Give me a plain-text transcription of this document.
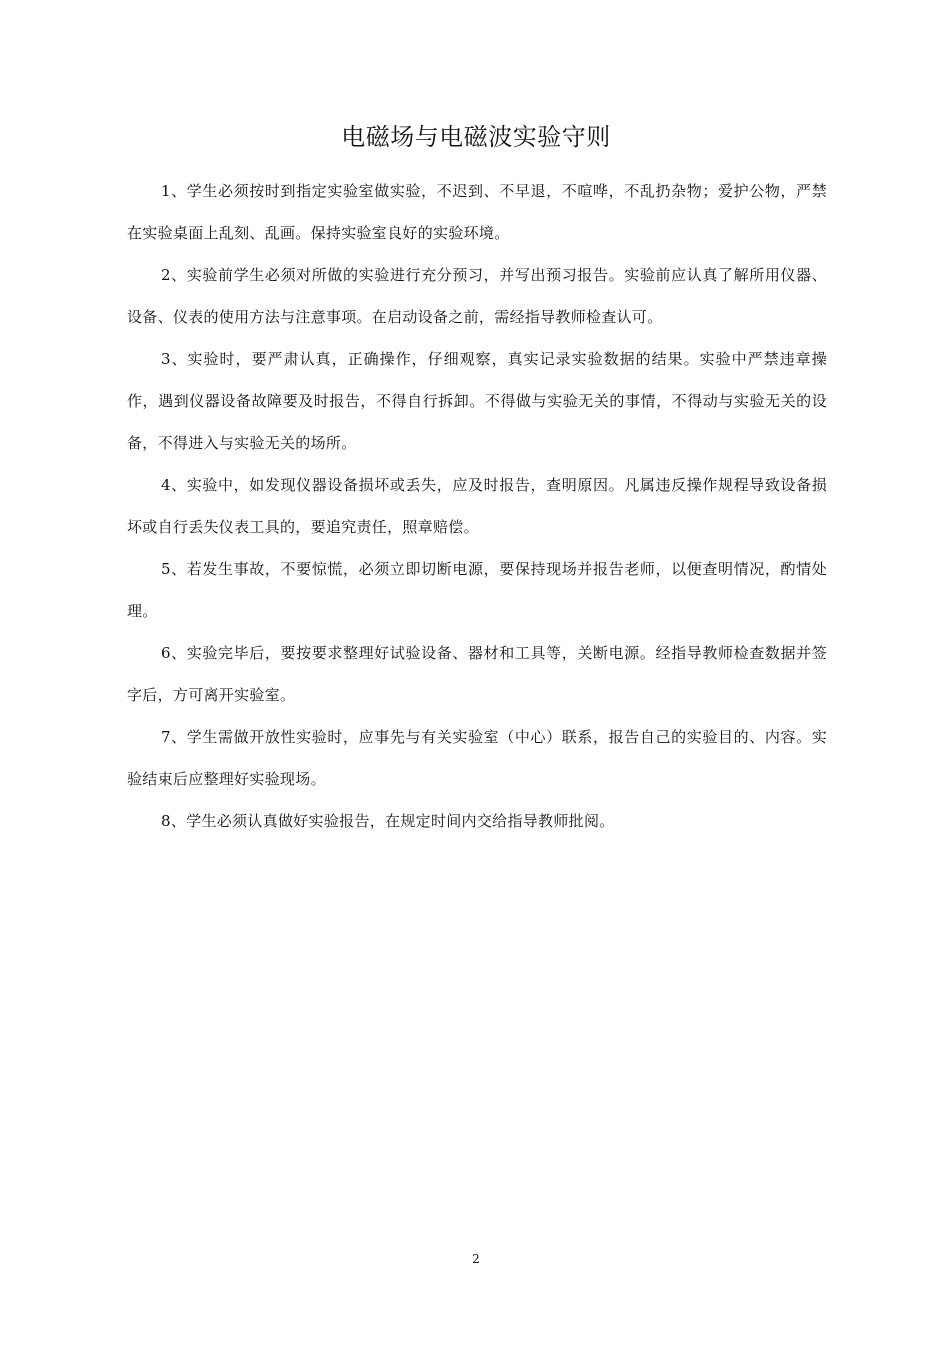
电磁场与电磁波实验守则

1、学生必须按时到指定实验室做实验，不迟到、不早退，不喧哗，不乱扔杂物；爱护公物，严禁在实验桌面上乱刻、乱画。保持实验室良好的实验环境。

2、实验前学生必须对所做的实验进行充分预习，并写出预习报告。实验前应认真了解所用仪器、设备、仪表的使用方法与注意事项。在启动设备之前，需经指导教师检查认可。

3、实验时，要严肃认真，正确操作，仔细观察，真实记录实验数据的结果。实验中严禁违章操作，遇到仪器设备故障要及时报告，不得自行拆卸。不得做与实验无关的事情，不得动与实验无关的设备，不得进入与实验无关的场所。

4、实验中，如发现仪器设备损坏或丢失，应及时报告，查明原因。凡属违反操作规程导致设备损坏或自行丢失仪表工具的，要追究责任，照章赔偿。

5、若发生事故，不要惊慌，必须立即切断电源，要保持现场并报告老师，以便查明情况，酌情处理。

6、实验完毕后，要按要求整理好试验设备、器材和工具等，关断电源。经指导教师检查数据并签字后，方可离开实验室。

7、学生需做开放性实验时，应事先与有关实验室（中心）联系，报告自己的实验目的、内容。实验结束后应整理好实验现场。

8、学生必须认真做好实验报告，在规定时间内交给指导教师批阅。

2
